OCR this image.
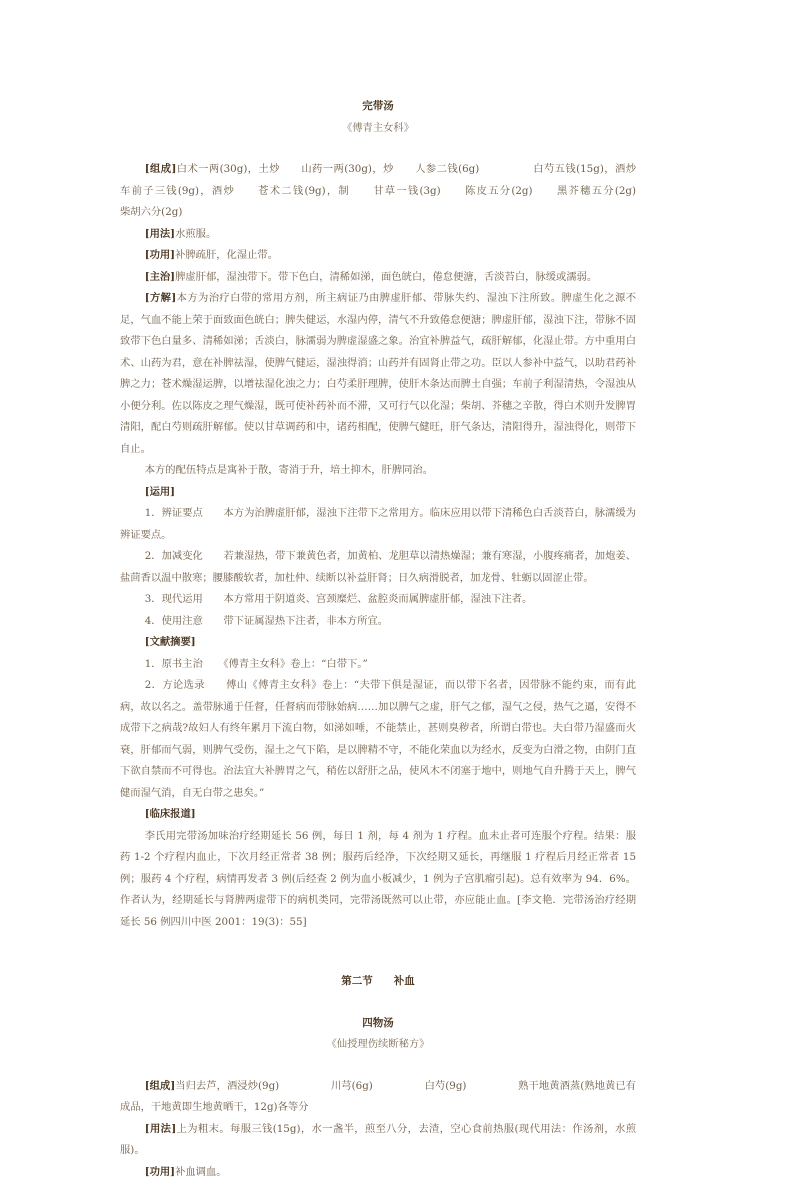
完带汤
《傅青主女科》

[组成]白术一两(30g)，土炒　　山药一两(30g)，炒　　人参二钱(6g)　　　　　白芍五钱(15g)，酒炒　　车前子三钱(9g)，酒炒　　苍术二钱(9g)，制　　甘草一钱(3g)　　陈皮五分(2g)　　黑芥穗五分(2g)　　　　　柴胡六分(2g)

[用法]水煎服。

[功用]补脾疏肝，化湿止带。

[主治]脾虚肝郁，湿浊带下。带下色白，清稀如涕，面色㿠白，倦怠便溏，舌淡苔白，脉缓或濡弱。

[方解]本方为治疗白带的常用方剂，所主病证乃由脾虚肝郁、带脉失约、湿浊下注所致。脾虚生化之源不足，气血不能上荣于面致面色㿠白；脾失健运，水湿内停，清气不升致倦怠便溏；脾虚肝郁，湿浊下注，带脉不固致带下色白量多、清稀如涕；舌淡白，脉濡弱为脾虚湿盛之象。治宜补脾益气，疏肝解郁，化湿止带。方中重用白术、山药为君，意在补脾祛湿，使脾气健运，湿浊得消；山药并有固肾止带之功。臣以人参补中益气，以助君药补脾之力；苍术燥湿运脾，以增祛湿化浊之力；白芍柔肝理脾，使肝木条达而脾土自强；车前子利湿清热，令湿浊从小便分利。佐以陈皮之理气燥湿，既可使补药补而不滞，又可行气以化湿；柴胡、芥穗之辛散，得白术则升发脾胃清阳，配白芍则疏肝解郁。使以甘草调药和中，诸药相配，使脾气健旺，肝气条达，清阳得升，湿浊得化，则带下自止。

本方的配伍特点是寓补于散，寄消于升，培土抑木，肝脾同治。

[运用]

1．辨证要点　　本方为治脾虚肝郁，湿浊下注带下之常用方。临床应用以带下清稀色白舌淡苔白，脉濡缓为辨证要点。

2．加减变化　　若兼湿热，带下兼黄色者，加黄柏、龙胆草以清热燥湿；兼有寒湿，小腹疼痛者，加炮姜、盐茴香以温中散寒；腰膝酸软者，加杜仲、续断以补益肝肾；日久病滑脱者，加龙骨、牡蛎以固涩止带。

3．现代运用　　本方常用于阴道炎、宫颈糜烂、盆腔炎而属脾虚肝郁，湿浊下注者。

4．使用注意　　带下证属湿热下注者，非本方所宜。

[文献摘要]

1．原书主治　　《傅青主女科》卷上：“白带下。”

2．方论选录　　傅山《傅青主女科》卷上：“夫带下俱是湿证，而以带下名者，因带脉不能约束，而有此病，故以名之。盖带脉通于任督，任督病而带脉始病……加以脾气之虚，肝气之郁，湿气之侵，热气之逼，安得不成带下之病哉?故妇人有终年累月下流白物，如涕如唾，不能禁止，甚则臭秽者，所谓白带也。夫白带乃湿盛而火衰，肝郁而气弱，则脾气受伤，湿土之气下陷，是以脾精不守，不能化荣血以为经水，反变为白滑之物，由阴门直下欲自禁而不可得也。治法宜大补脾胃之气，稍佐以舒肝之品，使风木不闭塞于地中，则地气自升腾于天上，脾气健而湿气消，自无白带之患矣。”

[临床报道]

李氏用完带汤加味治疗经期延长 56 例，每日 1 剂，每 4 剂为 1 疗程。血未止者可连服个疗程。结果：服药 1-2 个疗程内血止，下次月经正常者 38 例；服药后经净，下次经期又延长，再继服 1 疗程后月经正常者 15 例；服药 4 个疗程，病情再发者 3 例(后经查 2 例为血小板减少，1 例为子宫肌瘤引起)。总有效率为 94．6%。作者认为，经期延长与肾脾两虚带下的病机类同，完带汤既然可以止带，亦应能止血。[李文艳．完带汤治疗经期延长 56 例四川中医 2001：19(3)：55]

第二节　　补血
四物汤
《仙授理伤续断秘方》

[组成]当归去芦，酒浸炒(9g)　　　　　川芎(6g)　　　　　白芍(9g)　　　　　熟干地黄酒蒸(熟地黄已有成品，干地黄即生地黄晒干，12g)各等分

[用法]上为粗末。每服三钱(15g)，水一盏半，煎至八分，去渣，空心食前热服(现代用法：作汤剂，水煎服)。

[功用]补血调血。
